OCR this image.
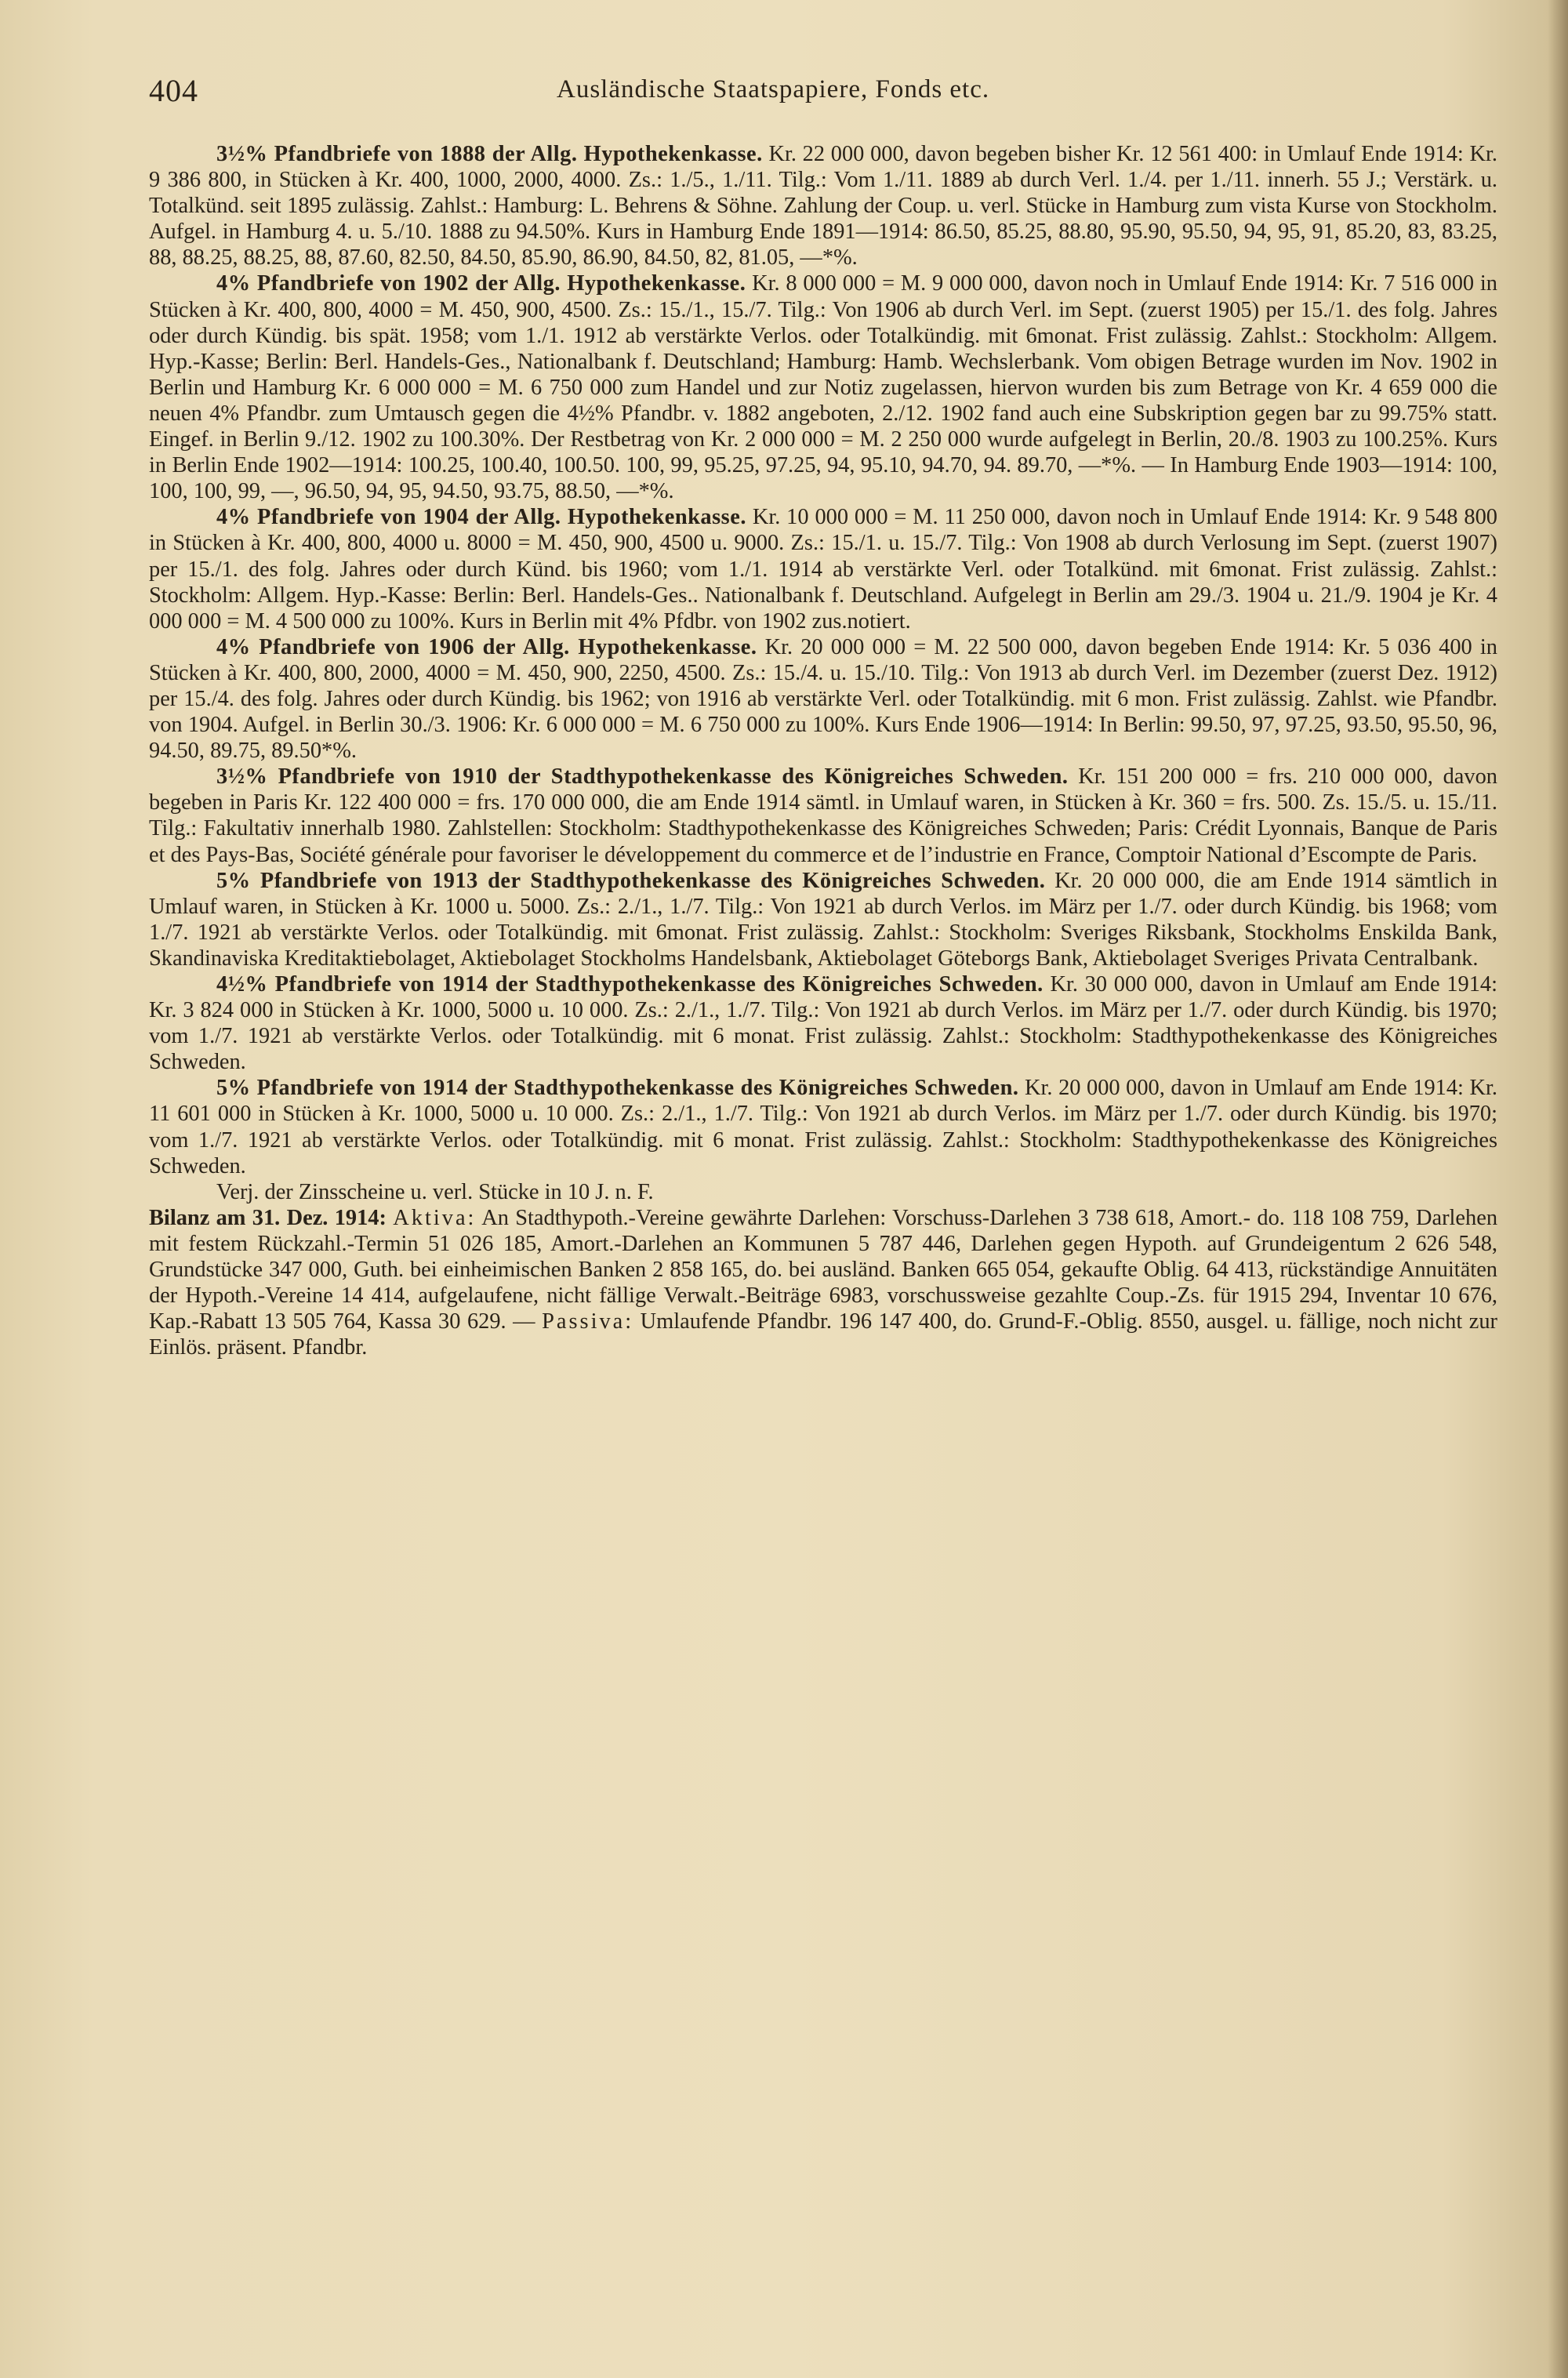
404	Ausländische Staatspapiere, Fonds etc.

3½% Pfandbriefe von 1888 der Allg. Hypothekenkasse. Kr. 22 000 000, davon begeben bisher Kr. 12 561 400: in Umlauf Ende 1914: Kr. 9 386 800, in Stücken à Kr. 400, 1000, 2000, 4000. Zs.: 1./5., 1./11. Tilg.: Vom 1./11. 1889 ab durch Verl. 1./4. per 1./11. innerh. 55 J.; Verstärk. u. Totalkünd. seit 1895 zulässig. Zahlst.: Hamburg: L. Behrens & Söhne. Zahlung der Coup. u. verl. Stücke in Hamburg zum vista Kurse von Stockholm. Aufgel. in Hamburg 4. u. 5./10. 1888 zu 94.50%. Kurs in Hamburg Ende 1891—1914: 86.50, 85.25, 88.80, 95.90, 95.50, 94, 95, 91, 85.20, 83, 83.25, 88, 88.25, 88.25, 88, 87.60, 82.50, 84.50, 85.90, 86.90, 84.50, 82, 81.05, —*%.

4% Pfandbriefe von 1902 der Allg. Hypothekenkasse. Kr. 8 000 000 = M. 9 000 000, davon noch in Umlauf Ende 1914: Kr. 7 516 000 in Stücken à Kr. 400, 800, 4000 = M. 450, 900, 4500. Zs.: 15./1., 15./7. Tilg.: Von 1906 ab durch Verl. im Sept. (zuerst 1905) per 15./1. des folg. Jahres oder durch Kündig. bis spät. 1958; vom 1./1. 1912 ab verstärkte Verlos. oder Totalkündig. mit 6monat. Frist zulässig. Zahlst.: Stockholm: Allgem. Hyp.-Kasse; Berlin: Berl. Handels-Ges., Nationalbank f. Deutschland; Hamburg: Hamb. Wechslerbank. Vom obigen Betrage wurden im Nov. 1902 in Berlin und Hamburg Kr. 6 000 000 = M. 6 750 000 zum Handel und zur Notiz zugelassen, hiervon wurden bis zum Betrage von Kr. 4 659 000 die neuen 4% Pfandbr. zum Umtausch gegen die 4½% Pfandbr. v. 1882 angeboten, 2./12. 1902 fand auch eine Subskription gegen bar zu 99.75% statt. Eingef. in Berlin 9./12. 1902 zu 100.30%. Der Restbetrag von Kr. 2 000 000 = M. 2 250 000 wurde aufgelegt in Berlin, 20./8. 1903 zu 100.25%. Kurs in Berlin Ende 1902—1914: 100.25, 100.40, 100.50. 100, 99, 95.25, 97.25, 94, 95.10, 94.70, 94. 89.70, —*%. — In Hamburg Ende 1903—1914: 100, 100, 100, 99, —, 96.50, 94, 95, 94.50, 93.75, 88.50, —*%.

4% Pfandbriefe von 1904 der Allg. Hypothekenkasse. Kr. 10 000 000 = M. 11 250 000, davon noch in Umlauf Ende 1914: Kr. 9 548 800 in Stücken à Kr. 400, 800, 4000 u. 8000 = M. 450, 900, 4500 u. 9000. Zs.: 15./1. u. 15./7. Tilg.: Von 1908 ab durch Verlosung im Sept. (zuerst 1907) per 15./1. des folg. Jahres oder durch Künd. bis 1960; vom 1./1. 1914 ab verstärkte Verl. oder Totalkünd. mit 6monat. Frist zulässig. Zahlst.: Stockholm: Allgem. Hyp.-Kasse: Berlin: Berl. Handels-Ges.. Nationalbank f. Deutschland. Aufgelegt in Berlin am 29./3. 1904 u. 21./9. 1904 je Kr. 4 000 000 = M. 4 500 000 zu 100%. Kurs in Berlin mit 4% Pfdbr. von 1902 zus.notiert.

4% Pfandbriefe von 1906 der Allg. Hypothekenkasse. Kr. 20 000 000 = M. 22 500 000, davon begeben Ende 1914: Kr. 5 036 400 in Stücken à Kr. 400, 800, 2000, 4000 = M. 450, 900, 2250, 4500. Zs.: 15./4. u. 15./10. Tilg.: Von 1913 ab durch Verl. im Dezember (zuerst Dez. 1912) per 15./4. des folg. Jahres oder durch Kündig. bis 1962; von 1916 ab verstärkte Verl. oder Totalkündig. mit 6 mon. Frist zulässig. Zahlst. wie Pfandbr. von 1904. Aufgel. in Berlin 30./3. 1906: Kr. 6 000 000 = M. 6 750 000 zu 100%. Kurs Ende 1906—1914: In Berlin: 99.50, 97, 97.25, 93.50, 95.50, 96, 94.50, 89.75, 89.50*%.

3½% Pfandbriefe von 1910 der Stadthypothekenkasse des Königreiches Schweden. Kr. 151 200 000 = frs. 210 000 000, davon begeben in Paris Kr. 122 400 000 = frs. 170 000 000, die am Ende 1914 sämtl. in Umlauf waren, in Stücken à Kr. 360 = frs. 500. Zs. 15./5. u. 15./11. Tilg.: Fakultativ innerhalb 1980. Zahlstellen: Stockholm: Stadthypothekenkasse des Königreiches Schweden; Paris: Crédit Lyonnais, Banque de Paris et des Pays-Bas, Société générale pour favoriser le développement du commerce et de l’industrie en France, Comptoir National d’Escompte de Paris.

5% Pfandbriefe von 1913 der Stadthypothekenkasse des Königreiches Schweden. Kr. 20 000 000, die am Ende 1914 sämtlich in Umlauf waren, in Stücken à Kr. 1000 u. 5000. Zs.: 2./1., 1./7. Tilg.: Von 1921 ab durch Verlos. im März per 1./7. oder durch Kündig. bis 1968; vom 1./7. 1921 ab verstärkte Verlos. oder Totalkündig. mit 6monat. Frist zulässig. Zahlst.: Stockholm: Sveriges Riksbank, Stockholms Enskilda Bank, Skandinaviska Kreditaktiebolaget, Aktiebolaget Stockholms Handelsbank, Aktiebolaget Göteborgs Bank, Aktiebolaget Sveriges Privata Centralbank.

4½% Pfandbriefe von 1914 der Stadthypothekenkasse des Königreiches Schweden. Kr. 30 000 000, davon in Umlauf am Ende 1914: Kr. 3 824 000 in Stücken à Kr. 1000, 5000 u. 10 000. Zs.: 2./1., 1./7. Tilg.: Von 1921 ab durch Verlos. im März per 1./7. oder durch Kündig. bis 1970; vom 1./7. 1921 ab verstärkte Verlos. oder Totalkündig. mit 6 monat. Frist zulässig. Zahlst.: Stockholm: Stadthypothekenkasse des Königreiches Schweden.

5% Pfandbriefe von 1914 der Stadthypothekenkasse des Königreiches Schweden. Kr. 20 000 000, davon in Umlauf am Ende 1914: Kr. 11 601 000 in Stücken à Kr. 1000, 5000 u. 10 000. Zs.: 2./1., 1./7. Tilg.: Von 1921 ab durch Verlos. im März per 1./7. oder durch Kündig. bis 1970; vom 1./7. 1921 ab verstärkte Verlos. oder Totalkündig. mit 6 monat. Frist zulässig. Zahlst.: Stockholm: Stadthypothekenkasse des Königreiches Schweden.

Verj. der Zinsscheine u. verl. Stücke in 10 J. n. F.

Bilanz am 31. Dez. 1914: Aktiva: An Stadthypoth.-Vereine gewährte Darlehen: Vorschuss-Darlehen 3 738 618, Amort.- do. 118 108 759, Darlehen mit festem Rückzahl.-Termin 51 026 185, Amort.-Darlehen an Kommunen 5 787 446, Darlehen gegen Hypoth. auf Grundeigentum 2 626 548, Grundstücke 347 000, Guth. bei einheimischen Banken 2 858 165, do. bei ausländ. Banken 665 054, gekaufte Oblig. 64 413, rückständige Annuitäten der Hypoth.-Vereine 14 414, aufgelaufene, nicht fällige Verwalt.-Beiträge 6983, vorschussweise gezahlte Coup.-Zs. für 1915 294, Inventar 10 676, Kap.-Rabatt 13 505 764, Kassa 30 629. — Passiva: Umlaufende Pfandbr. 196 147 400, do. Grund-F.-Oblig. 8550, ausgel. u. fällige, noch nicht zur Einlös. präsent. Pfandbr.
